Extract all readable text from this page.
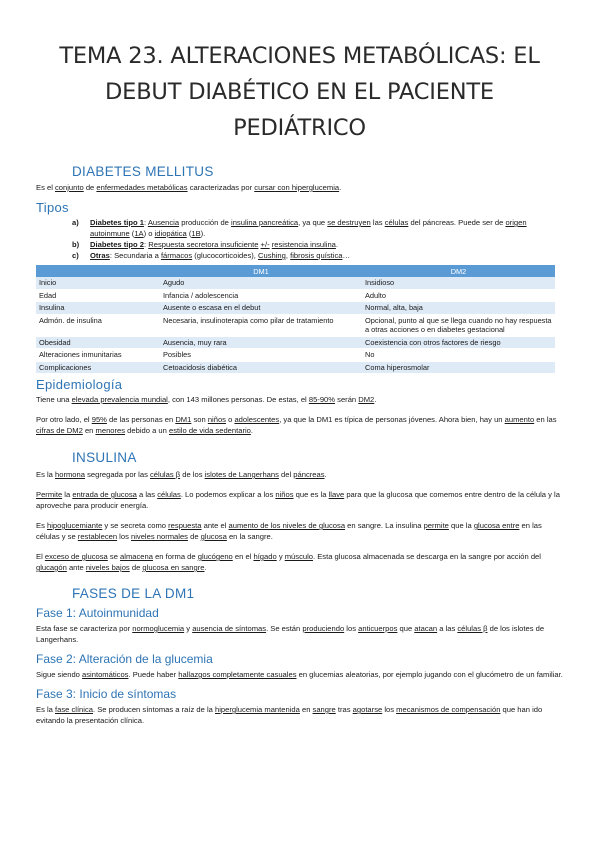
TEMA 23. ALTERACIONES METABÓLICAS: EL
DEBUT DIABÉTICO EN EL PACIENTE PEDIÁTRICO
DIABETES MELLITUS

Es el conjunto de enfermedades metabólicas caracterizadas por cursar con hiperglucemia.

Tipos
a)	Diabetes tipo 1: Ausencia producción de insulina pancreática, ya que se destruyen las células del páncreas. Puede ser de origen autoinmune (1A) o idiopática (1B).
b)	Diabetes tipo 2: Respuesta secretora insuficiente +/- resistencia insulina.
c)	Otras: Secundaria a fármacos (glucocorticoides), Cushing, fibrosis quística…
	DM1	DM2
Inicio	Agudo	Insidioso
Edad	Infancia / adolescencia	Adulto
Insulina	Ausente o escasa en el debut	Normal, alta, baja
Admón. de insulina	Necesaria, insulinoterapia como pilar de tratamiento	Opcional, punto al que se llega cuando no hay respuesta a otras acciones o en diabetes gestacional
Obesidad	Ausencia, muy rara	Coexistencia con otros factores de riesgo
Alteraciones inmunitarias	Posibles	No
Complicaciones	Cetoacidosis diabética	Coma hiperosmolar
Epidemiología

Tiene una elevada prevalencia mundial, con 143 millones personas. De estas, el 85-90% serán DM2.

Por otro lado, el 95% de las personas en DM1 son niños o adolescentes, ya que la DM1 es típica de personas jóvenes. Ahora bien, hay un aumento en las cifras de DM2 en menores debido a un estilo de vida sedentario.

INSULINA

Es la hormona segregada por las células β de los islotes de Langerhans del páncreas.

Permite la entrada de glucosa a las células. Lo podemos explicar a los niños que es la llave para que la glucosa que comemos entre dentro de la célula y la aproveche para producir energía.

Es hipoglucemiante y se secreta como respuesta ante el aumento de los niveles de glucosa en sangre. La insulina permite que la glucosa entre en las células y se restablecen los niveles normales de glucosa en la sangre.

El exceso de glucosa se almacena en forma de glucógeno en el hígado y músculo. Esta glucosa almacenada se descarga en la sangre por acción del glucagón ante niveles bajos de glucosa en sangre.

FASES DE LA DM1
Fase 1: Autoinmunidad

Esta fase se caracteriza por normoglucemia y ausencia de síntomas. Se están produciendo los anticuerpos que atacan a las células β de los islotes de Langerhans.

Fase 2: Alteración de la glucemia

Sigue siendo asintomáticos. Puede haber hallazgos completamente casuales en glucemias aleatorias, por ejemplo jugando con el glucómetro de un familiar.

Fase 3: Inicio de síntomas

Es la fase clínica. Se producen síntomas a raíz de la hiperglucemia mantenida en sangre tras agotarse los mecanismos de compensación que han ido evitando la presentación clínica.
